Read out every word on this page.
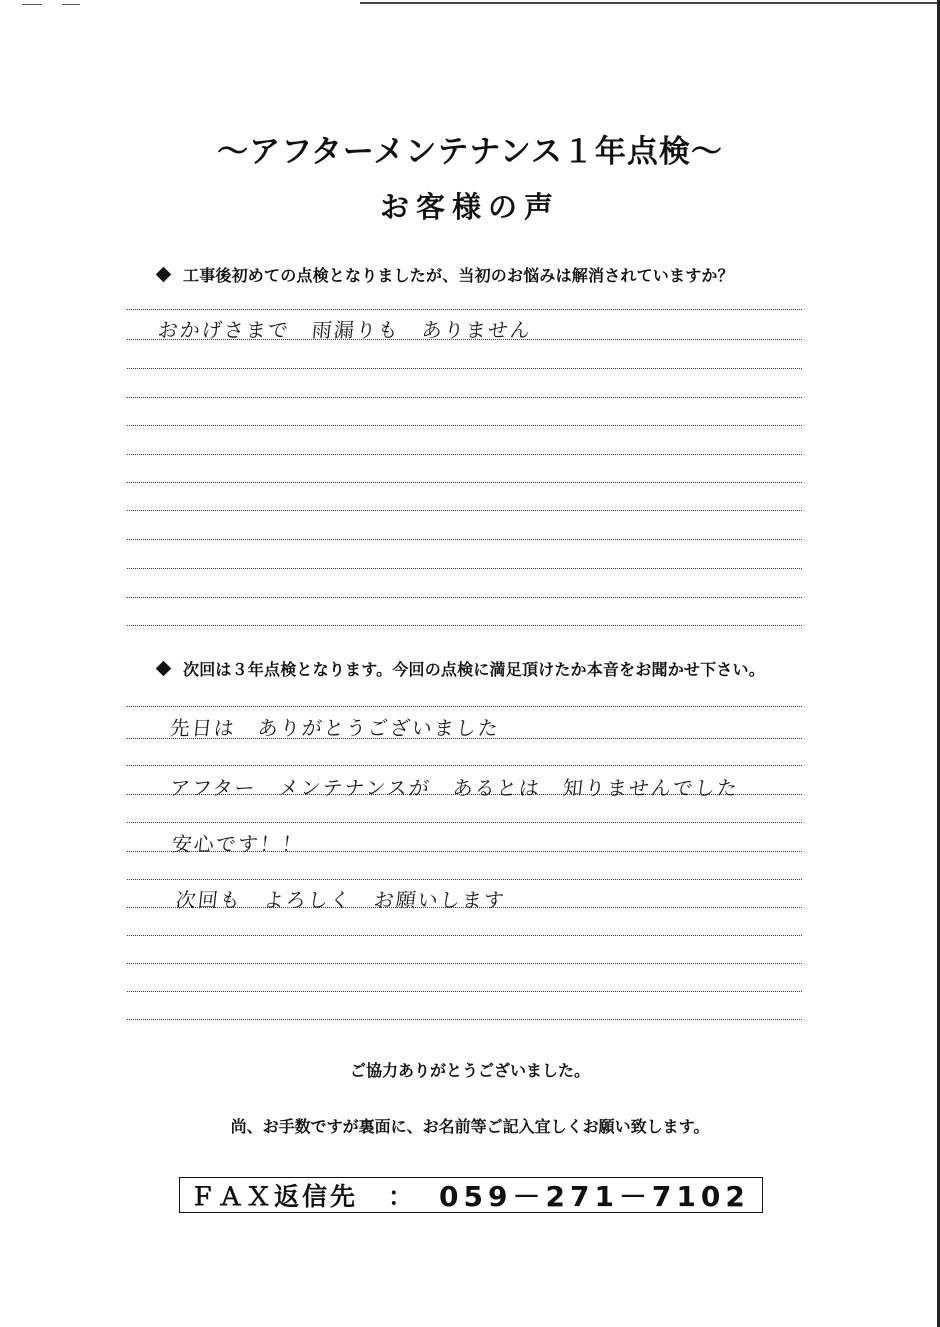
〜アフターメンテナンス１年点検〜
お客様の声
工事後初めての点検となりましたが、当初のお悩みは解消されていますか？
おかげさまで　雨漏りも　ありません
次回は３年点検となります。今回の点検に満足頂けたか本音をお聞かせ下さい。
先日は　ありがとうございました
アフター　メンテナンスが　あるとは　知りませんでした
安心です！！
次回も　よろしく　お願いします
ご協力ありがとうございました。
尚、お手数ですが裏面に、お名前等ご記入宜しくお願い致します。
ＦＡＸ返信先 ： 059－271－7102
